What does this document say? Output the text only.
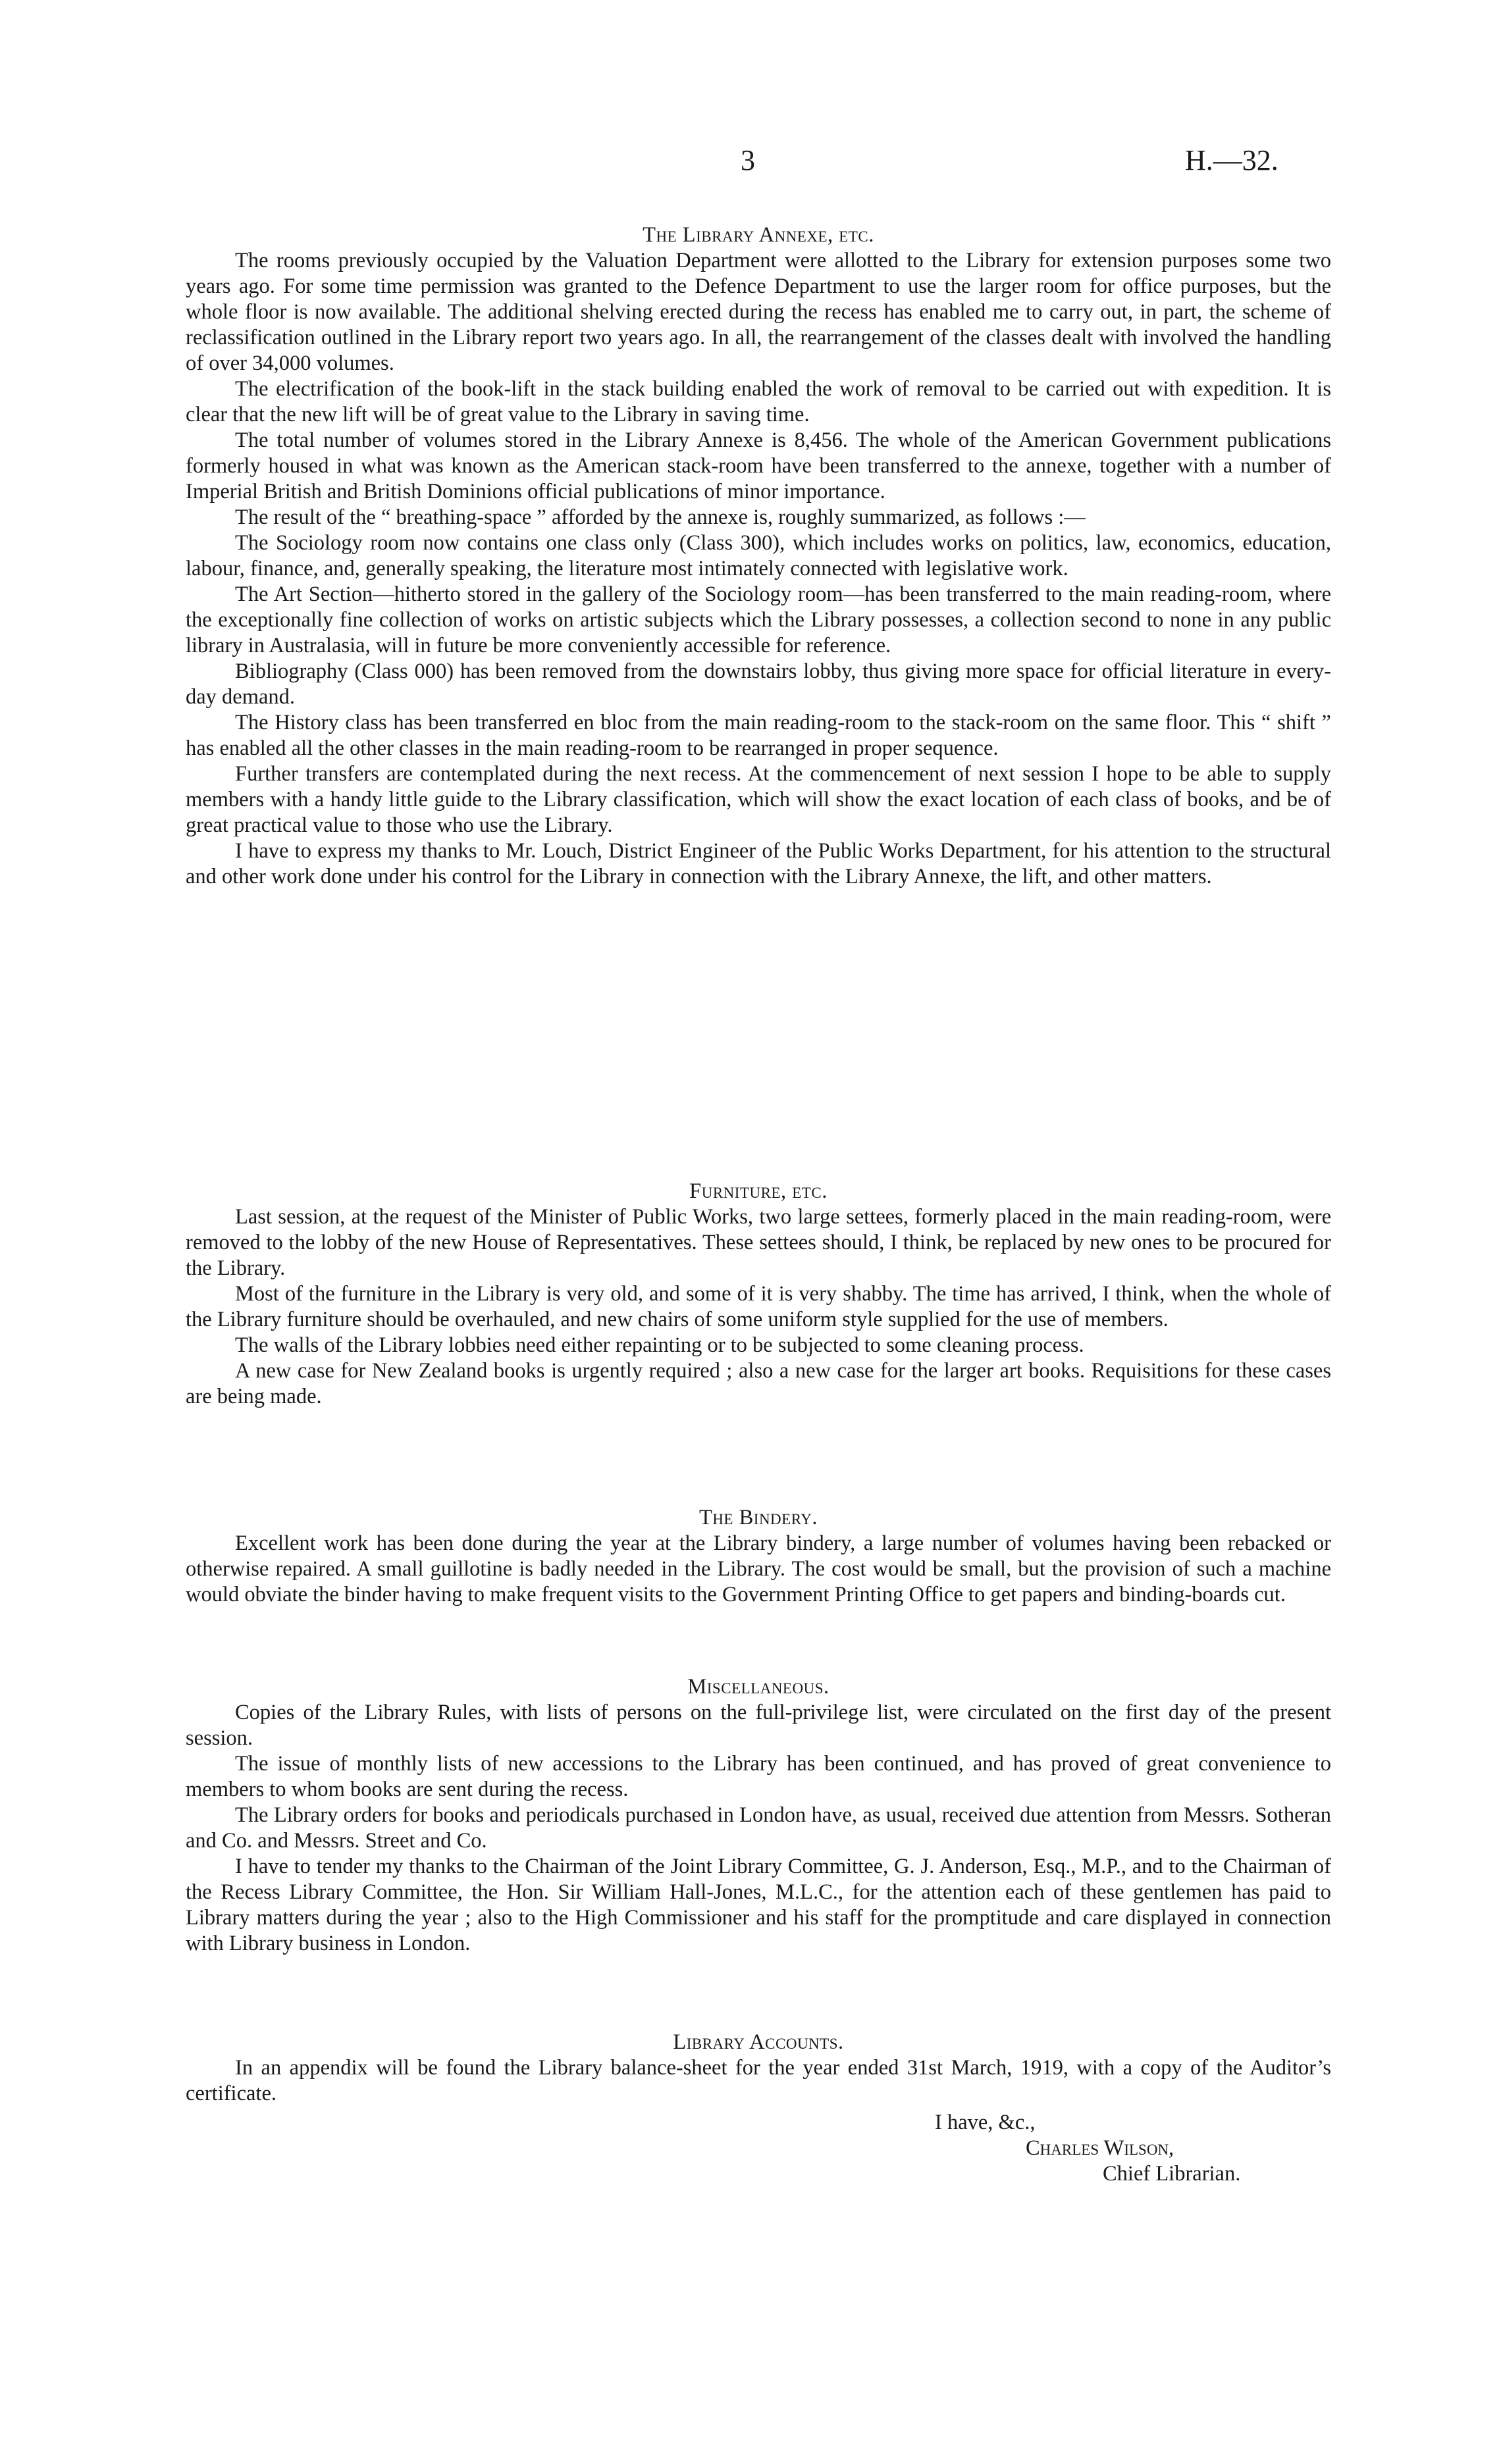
3	H.—32.
The Library Annexe, etc.

The rooms previously occupied by the Valuation Department were allotted to the Library for extension purposes some two years ago. For some time permission was granted to the Defence Department to use the larger room for office purposes, but the whole floor is now available. The additional shelving erected during the recess has enabled me to carry out, in part, the scheme of reclassification outlined in the Library report two years ago. In all, the rearrangement of the classes dealt with involved the handling of over 34,000 volumes.

The electrification of the book-lift in the stack building enabled the work of removal to be carried out with expedition. It is clear that the new lift will be of great value to the Library in saving time.

The total number of volumes stored in the Library Annexe is 8,456. The whole of the American Government publications formerly housed in what was known as the American stack-room have been transferred to the annexe, together with a number of Imperial British and British Dominions official publications of minor importance.

The result of the “ breathing-space ” afforded by the annexe is, roughly summarized, as follows :—

The Sociology room now contains one class only (Class 300), which includes works on politics, law, economics, education, labour, finance, and, generally speaking, the literature most intimately connected with legislative work.

The Art Section—hitherto stored in the gallery of the Sociology room—has been transferred to the main reading-room, where the exceptionally fine collection of works on artistic subjects which the Library possesses, a collection second to none in any public library in Australasia, will in future be more conveniently accessible for reference.

Bibliography (Class 000) has been removed from the downstairs lobby, thus giving more space for official literature in every-day demand.

The History class has been transferred en bloc from the main reading-room to the stack-room on the same floor. This “ shift ” has enabled all the other classes in the main reading-room to be rearranged in proper sequence.

Further transfers are contemplated during the next recess. At the commencement of next session I hope to be able to supply members with a handy little guide to the Library classification, which will show the exact location of each class of books, and be of great practical value to those who use the Library.

I have to express my thanks to Mr. Louch, District Engineer of the Public Works Department, for his attention to the structural and other work done under his control for the Library in connection with the Library Annexe, the lift, and other matters.

Furniture, etc.

Last session, at the request of the Minister of Public Works, two large settees, formerly placed in the main reading-room, were removed to the lobby of the new House of Representatives. These settees should, I think, be replaced by new ones to be procured for the Library.

Most of the furniture in the Library is very old, and some of it is very shabby. The time has arrived, I think, when the whole of the Library furniture should be overhauled, and new chairs of some uniform style supplied for the use of members.

The walls of the Library lobbies need either repainting or to be subjected to some cleaning process.

A new case for New Zealand books is urgently required ; also a new case for the larger art books. Requisitions for these cases are being made.

The Bindery.

Excellent work has been done during the year at the Library bindery, a large number of volumes having been rebacked or otherwise repaired. A small guillotine is badly needed in the Library. The cost would be small, but the provision of such a machine would obviate the binder having to make frequent visits to the Government Printing Office to get papers and binding-boards cut.

Miscellaneous.

Copies of the Library Rules, with lists of persons on the full-privilege list, were circulated on the first day of the present session.

The issue of monthly lists of new accessions to the Library has been continued, and has proved of great convenience to members to whom books are sent during the recess.

The Library orders for books and periodicals purchased in London have, as usual, received due attention from Messrs. Sotheran and Co. and Messrs. Street and Co.

I have to tender my thanks to the Chairman of the Joint Library Committee, G. J. Anderson, Esq., M.P., and to the Chairman of the Recess Library Committee, the Hon. Sir William Hall-Jones, M.L.C., for the attention each of these gentlemen has paid to Library matters during the year ; also to the High Commissioner and his staff for the promptitude and care displayed in connection with Library business in London.

Library Accounts.

In an appendix will be found the Library balance-sheet for the year ended 31st March, 1919, with a copy of the Auditor’s certificate.

I have, &c.,
Charles Wilson,
Chief Librarian.
